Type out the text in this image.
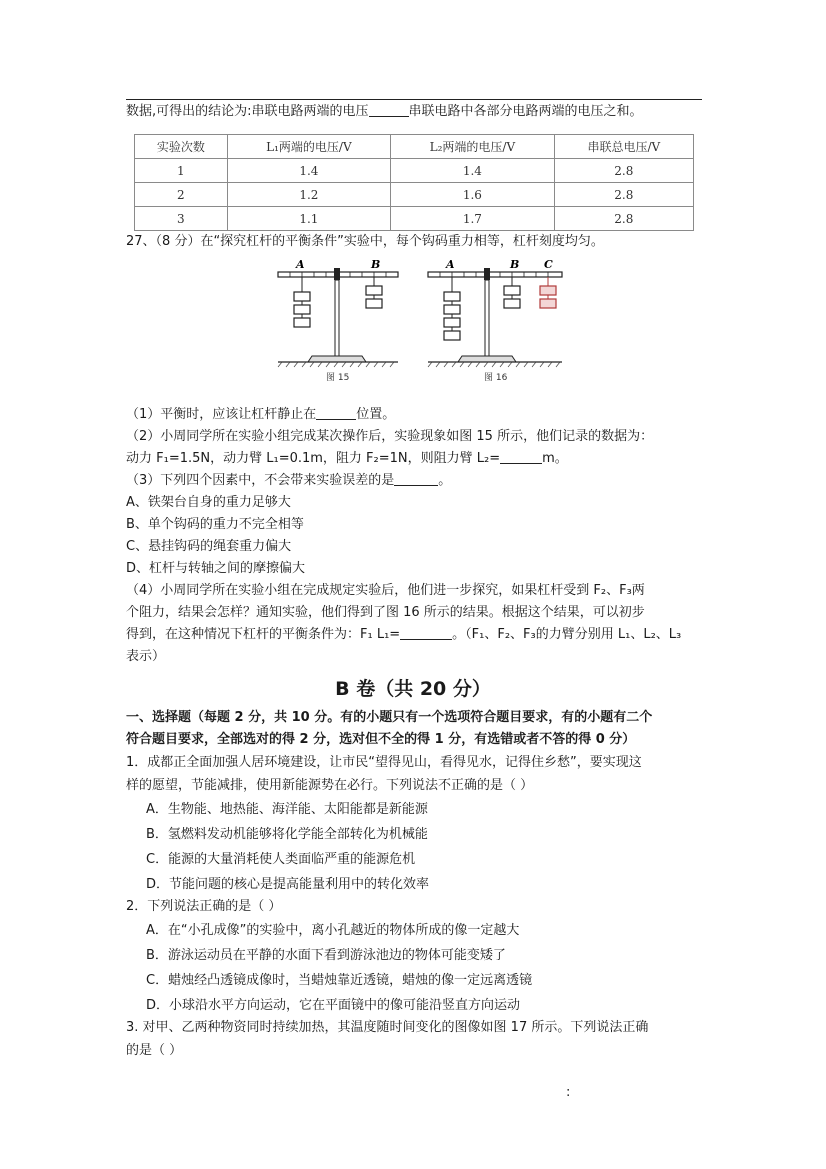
数据,可得出的结论为:串联电路两端的电压	串联电路中各部分电路两端的电压之和。
实验次数	L₁两端的电压/V	L₂两端的电压/V	串联总电压/V
1	1.4	1.4	2.8
2	1.2	1.6	2.8
3	1.1	1.7	2.8
27、（8 分）在“探究杠杆的平衡条件”实验中，每个钩码重力相等，杠杆刻度均匀。
A	B
图 15
A	B C
图 16
（1）平衡时，应该让杠杆静止在	位置。
（2）小周同学所在实验小组完成某次操作后，实验现象如图 15 所示，他们记录的数据为：
动力 F₁=1.5N，动力臂 L₁=0.1m，阻力 F₂=1N，则阻力臂 L₂=	m。
（3）下列四个因素中，不会带来实验误差的是	。
A、铁架台自身的重力足够大
B、单个钩码的重力不完全相等
C、悬挂钩码的绳套重力偏大
D、杠杆与转轴之间的摩擦偏大
（4）小周同学所在实验小组在完成规定实验后，他们进一步探究，如果杠杆受到 F₂、F₃两
个阻力，结果会怎样？通知实验，他们得到了图 16 所示的结果。根据这个结果，可以初步
得到，在这种情况下杠杆的平衡条件为：F₁ L₁=	。（F₁、F₂、F₃的力臂分别用 L₁、L₂、L₃
表示）
B 卷（共 20 分）
一、选择题（每题 2 分，共 10 分。有的小题只有一个选项符合题目要求，有的小题有二个
符合题目要求，全部选对的得 2 分，选对但不全的得 1 分，有选错或者不答的得 0 分）
1．成都正全面加强人居环境建设，让市民“望得见山，看得见水，记得住乡愁”，要实现这
样的愿望，节能减排，使用新能源势在必行。下列说法不正确的是（ ）
A．生物能、地热能、海洋能、太阳能都是新能源
B．氢燃料发动机能够将化学能全部转化为机械能
C．能源的大量消耗使人类面临严重的能源危机
D．节能问题的核心是提高能量利用中的转化效率
2．下列说法正确的是（ ）
A．在“小孔成像”的实验中，离小孔越近的物体所成的像一定越大
B．游泳运动员在平静的水面下看到游泳池边的物体可能变矮了
C．蜡烛经凸透镜成像时，当蜡烛靠近透镜，蜡烛的像一定远离透镜
D．小球沿水平方向运动，它在平面镜中的像可能沿竖直方向运动
3. 对甲、乙两种物资同时持续加热，其温度随时间变化的图像如图 17 所示。下列说法正确
的是（ ）
:
